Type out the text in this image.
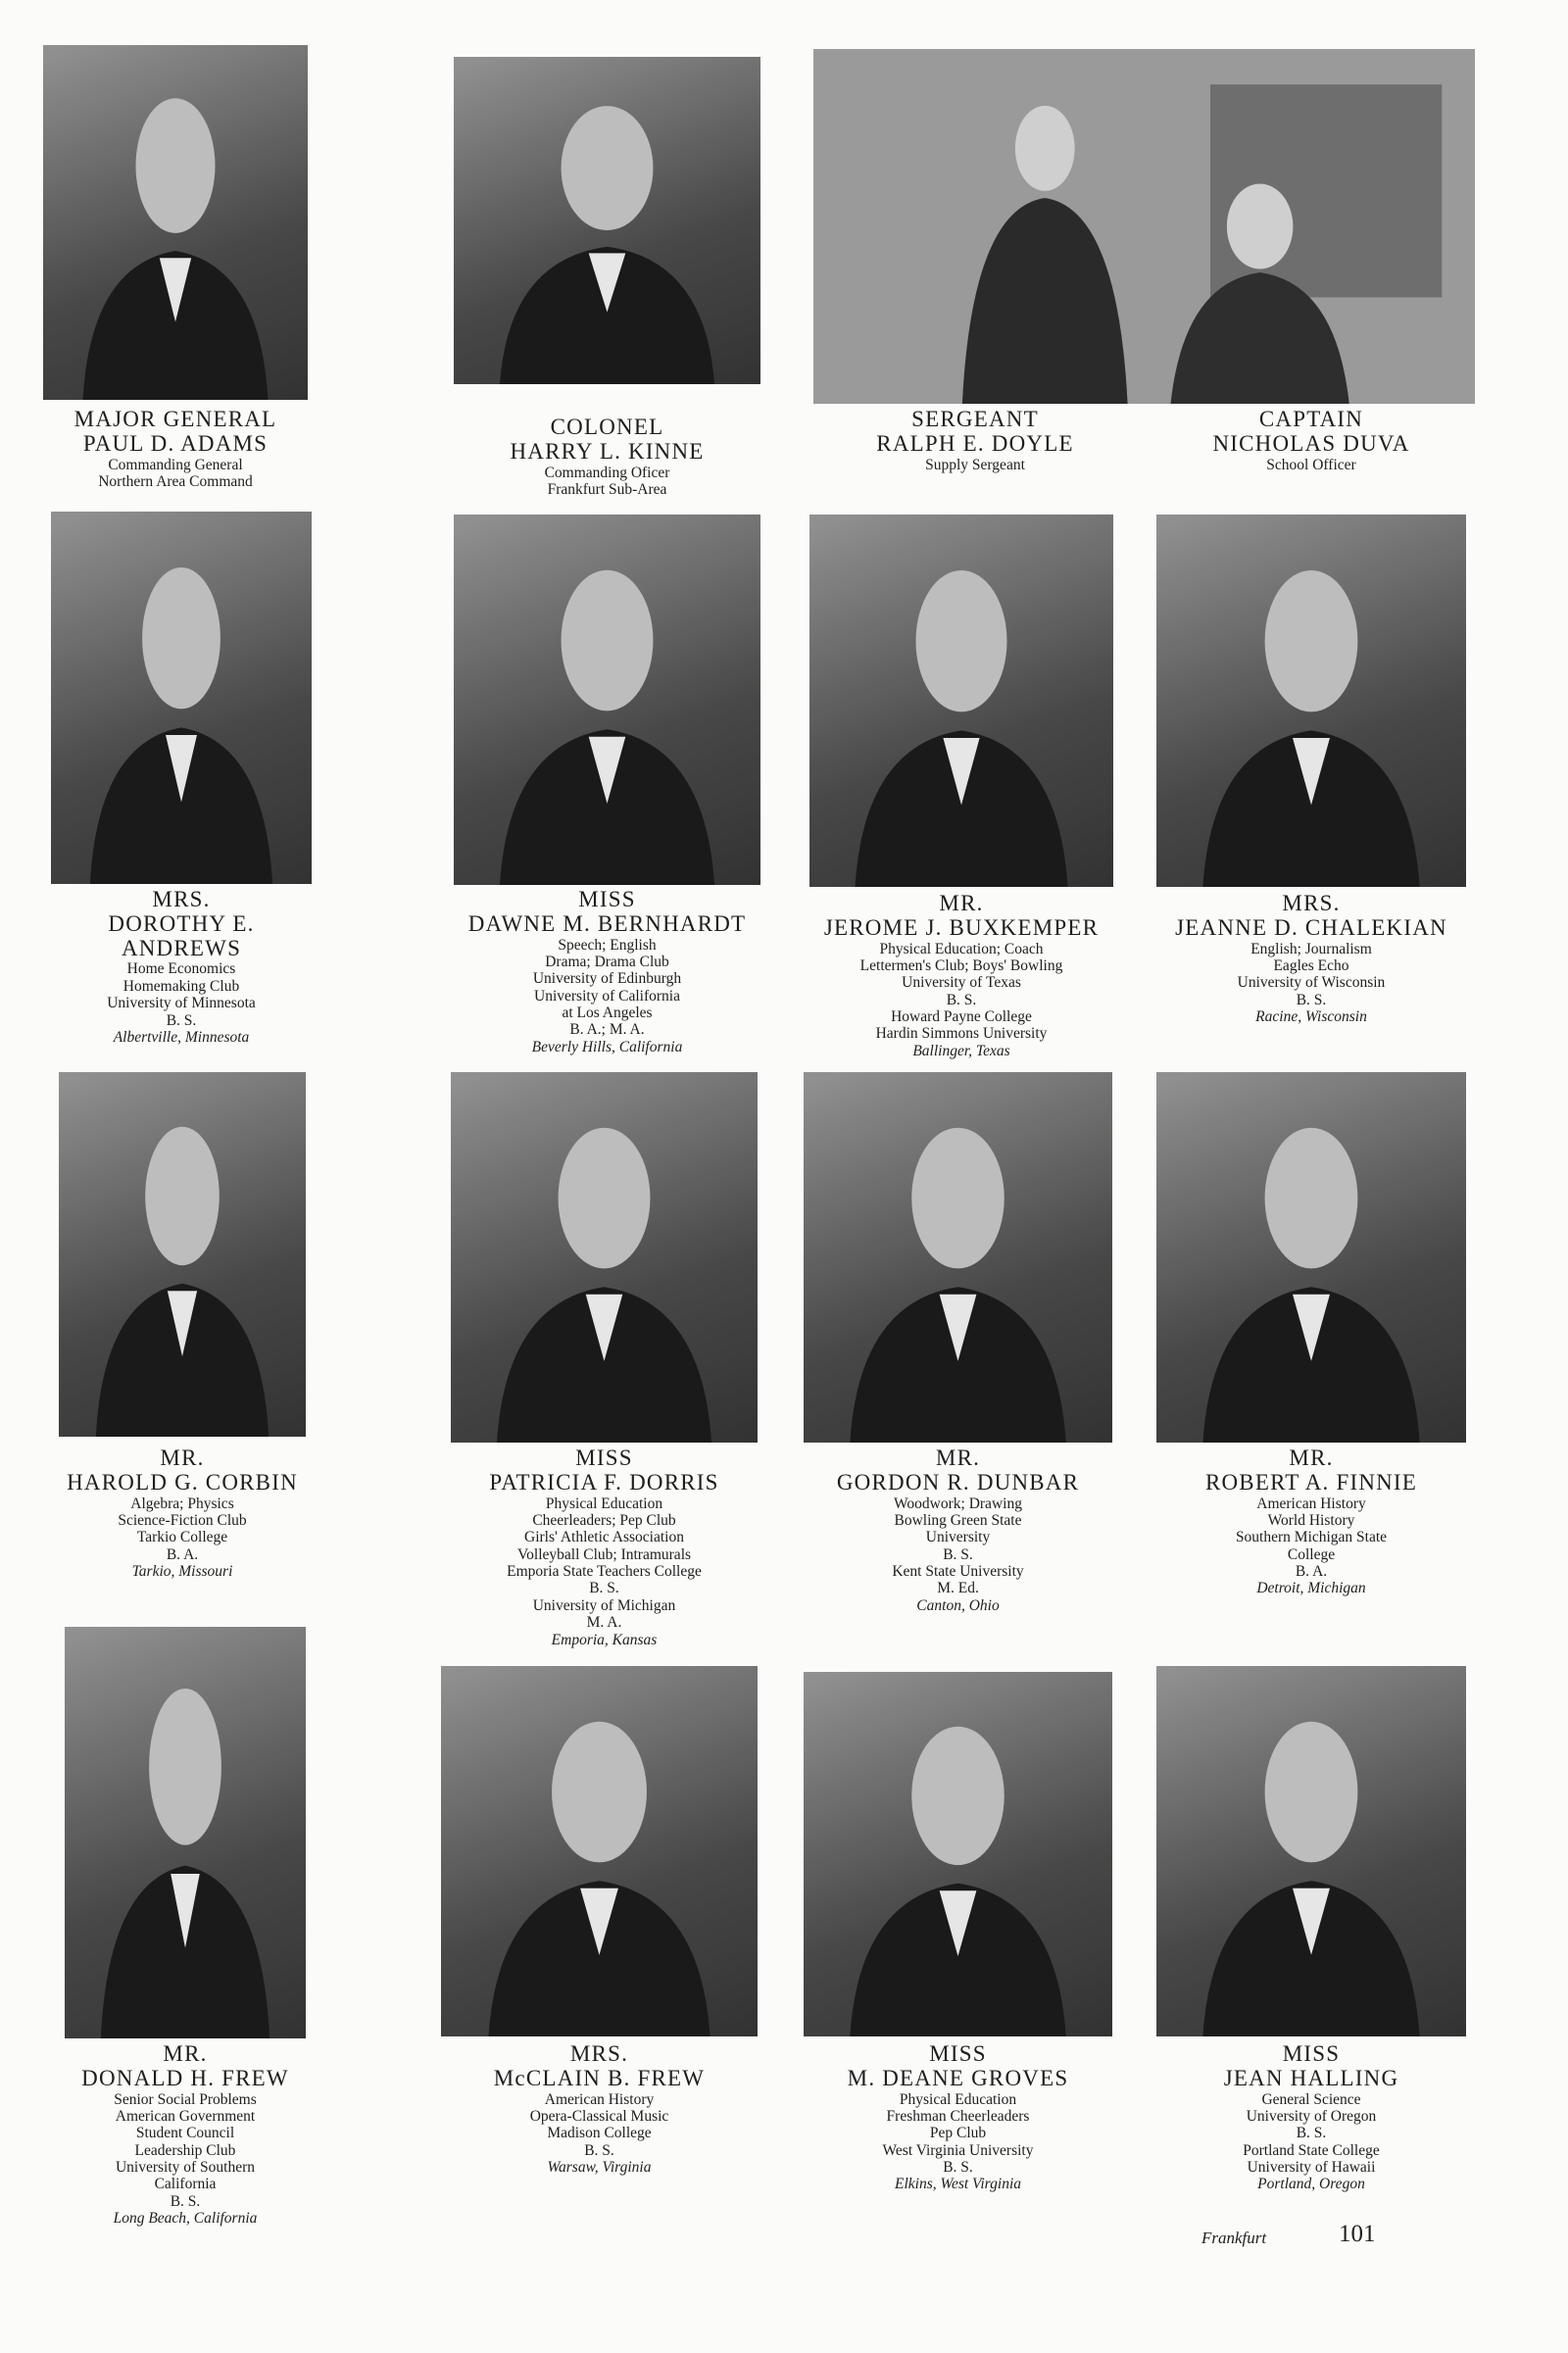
MAJOR GENERAL
PAUL D. ADAMS
Commanding General
Northern Area Command
COLONEL
HARRY L. KINNE
Commanding Oficer
Frankfurt Sub-Area
SERGEANT
RALPH E. DOYLE
Supply Sergeant
CAPTAIN
NICHOLAS DUVA
School Officer
MRS.
DOROTHY E. ANDREWS
Home Economics
Homemaking Club
University of Minnesota
B. S.
Albertville, Minnesota
MISS
DAWNE M. BERNHARDT
Speech; English
Drama; Drama Club
University of Edinburgh
University of California
at Los Angeles
B. A.; M. A.
Beverly Hills, California
MR.
JEROME J. BUXKEMPER
Physical Education; Coach
Lettermen's Club; Boys' Bowling
University of Texas
B. S.
Howard Payne College
Hardin Simmons University
Ballinger, Texas
MRS.
JEANNE D. CHALEKIAN
English; Journalism
Eagles Echo
University of Wisconsin
B. S.
Racine, Wisconsin
MR.
HAROLD G. CORBIN
Algebra; Physics
Science-Fiction Club
Tarkio College
B. A.
Tarkio, Missouri
MISS
PATRICIA F. DORRIS
Physical Education
Cheerleaders; Pep Club
Girls' Athletic Association
Volleyball Club; Intramurals
Emporia State Teachers College
B. S.
University of Michigan
M. A.
Emporia, Kansas
MR.
GORDON R. DUNBAR
Woodwork; Drawing
Bowling Green State
University
B. S.
Kent State University
M. Ed.
Canton, Ohio
MR.
ROBERT A. FINNIE
American History
World History
Southern Michigan State
College
B. A.
Detroit, Michigan
MR.
DONALD H. FREW
Senior Social Problems
American Government
Student Council
Leadership Club
University of Southern
California
B. S.
Long Beach, California
MRS.
McCLAIN B. FREW
American History
Opera-Classical Music
Madison College
B. S.
Warsaw, Virginia
MISS
M. DEANE GROVES
Physical Education
Freshman Cheerleaders
Pep Club
West Virginia University
B. S.
Elkins, West Virginia
MISS
JEAN HALLING
General Science
University of Oregon
B. S.
Portland State College
University of Hawaii
Portland, Oregon
Frankfurt	101
